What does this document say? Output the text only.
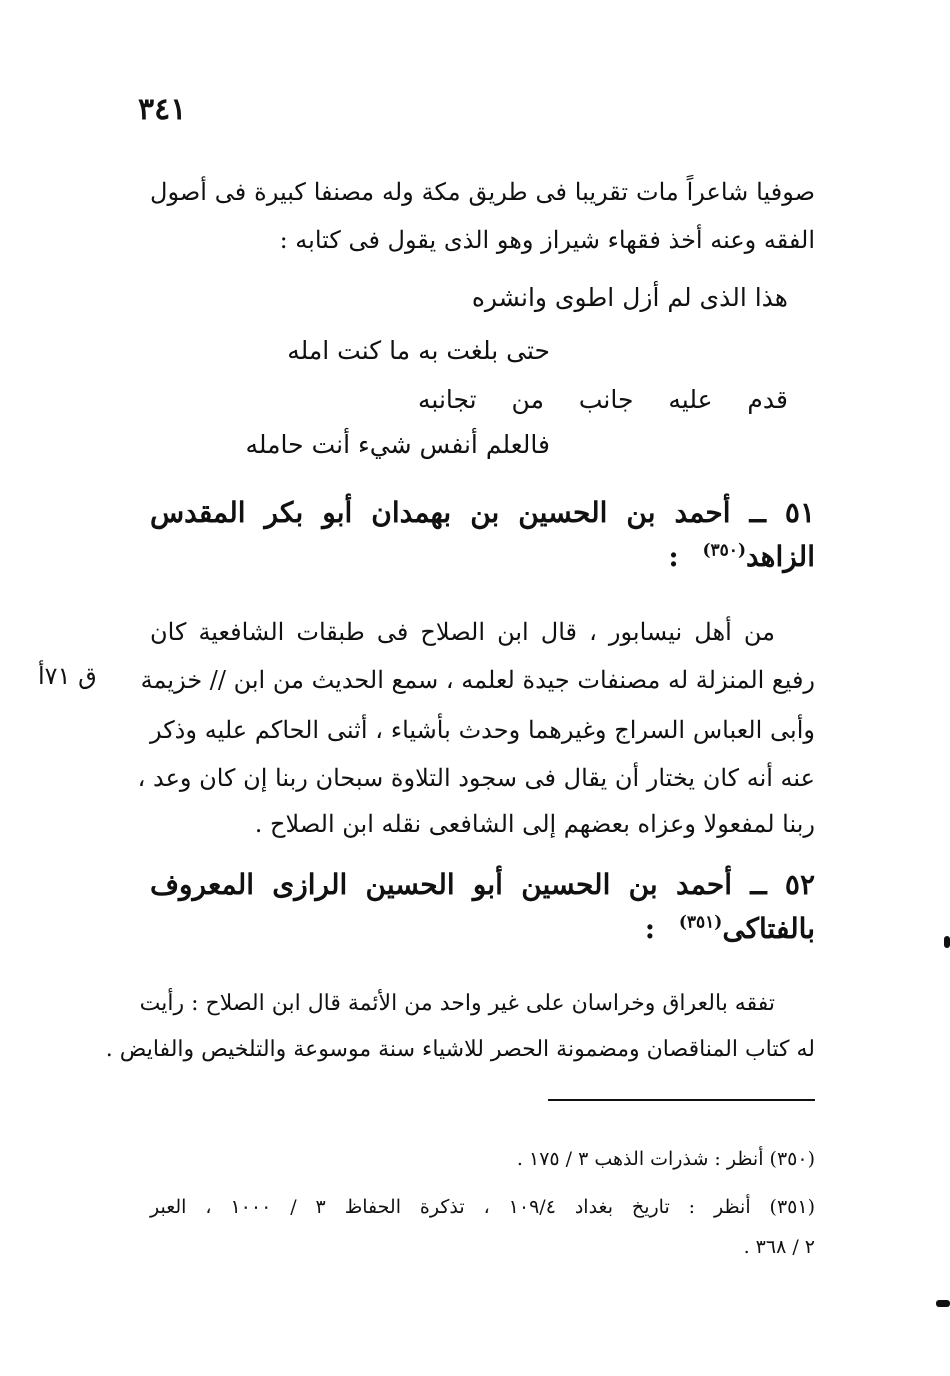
٣٤١
صوفيا شاعراً مات تقريبا فى طريق مكة وله مصنفا كبيرة فى أصول
الفقه وعنه أخذ فقهاء شيراز وهو الذى يقول فى كتابه :
هذا الذى لم أزل اطوى وانشره
حتى بلغت به ما كنت امله
قدم عليه جانب من تجانبه
فالعلم أنفس شيء أنت حامله
٥١ ــ أحمد بن الحسين بن بهمدان أبو بكر المقدس
الزاهد$^{(٣٥٠)}$ :
من أهل نيسابور ، قال ابن الصلاح فى طبقات الشافعية كان
رفيع المنزلة له مصنفات جيدة لعلمه ، سمع الحديث من ابن // خزيمة
وأبى العباس السراج وغيرهما وحدث بأشياء ، أثنى الحاكم عليه وذكر
عنه أنه كان يختار أن يقال فى سجود التلاوة سبحان ربنا إن كان وعد ،
ربنا لمفعولا وعزاه بعضهم إلى الشافعى نقله ابن الصلاح .
ق ٧١أ
٥٢ ــ أحمد بن الحسين أبو الحسين الرازى المعروف
بالفتاكى$^{(٣٥١)}$ :
تفقه بالعراق وخراسان على غير واحد من الأئمة قال ابن الصلاح : رأيت
له كتاب المناقصان ومضمونة الحصر للاشياء سنة موسوعة والتلخيص والفايض .
(٣٥٠) أنظر : شذرات الذهب ٣ / ١٧٥ .
(٣٥١) أنظر : تاريخ بغداد ١٠٩/٤ ، تذكرة الحفاظ ٣ / ١٠٠٠ ، العبر
٢ / ٣٦٨ .
